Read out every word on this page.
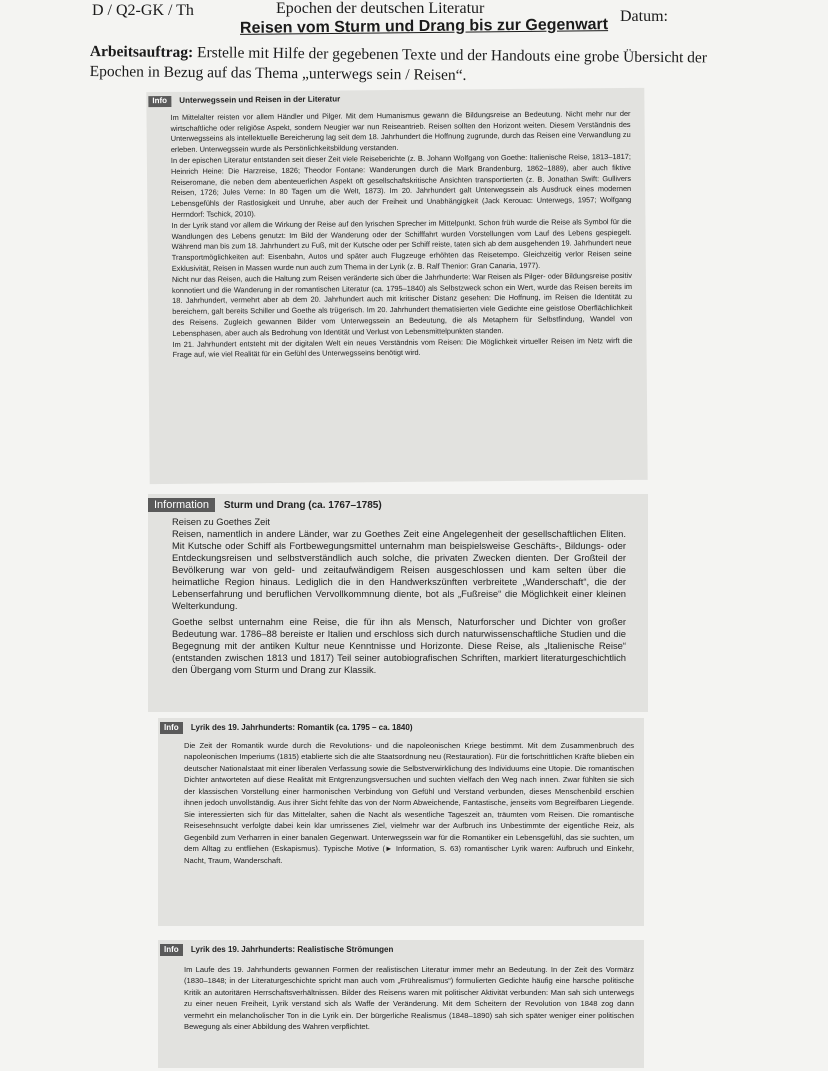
D / Q2-GK / Th	Epochen der deutschen Literatur	Datum:
Reisen vom Sturm und Drang bis zur Gegenwart
Arbeitsauftrag: Erstelle mit Hilfe der gegebenen Texte und der Handouts eine grobe Übersicht der Epochen in Bezug auf das Thema „unterwegs sein / Reisen“.
Info Unterwegssein und Reisen in der Literatur

Im Mittelalter reisten vor allem Händler und Pilger. Mit dem Humanismus gewann die Bildungsreise an Bedeutung. Nicht mehr nur der wirtschaftliche oder religiöse Aspekt, sondern Neugier war nun Reiseantrieb. Reisen sollten den Horizont weiten. Diesem Verständnis des Unterwegsseins als intellektuelle Bereicherung lag seit dem 18. Jahrhundert die Hoffnung zugrunde, durch das Reisen eine Verwandlung zu erleben. Unterwegssein wurde als Persönlichkeitsbildung verstanden.

In der epischen Literatur entstanden seit dieser Zeit viele Reiseberichte (z. B. Johann Wolfgang von Goethe: Italienische Reise, 1813–1817; Heinrich Heine: Die Harzreise, 1826; Theodor Fontane: Wanderungen durch die Mark Brandenburg, 1862–1889), aber auch fiktive Reiseromane, die neben dem abenteuerlichen Aspekt oft gesellschaftskritische Ansichten transportierten (z. B. Jonathan Swift: Gullivers Reisen, 1726; Jules Verne: In 80 Tagen um die Welt, 1873). Im 20. Jahrhundert galt Unterwegssein als Ausdruck eines modernen Lebensgefühls der Rastlosigkeit und Unruhe, aber auch der Freiheit und Unabhängigkeit (Jack Kerouac: Unterwegs, 1957; Wolfgang Herrndorf: Tschick, 2010).

In der Lyrik stand vor allem die Wirkung der Reise auf den lyrischen Sprecher im Mittelpunkt. Schon früh wurde die Reise als Symbol für die Wandlungen des Lebens genutzt: Im Bild der Wanderung oder der Schifffahrt wurden Vorstellungen vom Lauf des Lebens gespiegelt. Während man bis zum 18. Jahrhundert zu Fuß, mit der Kutsche oder per Schiff reiste, taten sich ab dem ausgehenden 19. Jahrhundert neue Transportmöglichkeiten auf: Eisenbahn, Autos und später auch Flugzeuge erhöhten das Reisetempo. Gleichzeitig verlor Reisen seine Exklusivität, Reisen in Massen wurde nun auch zum Thema in der Lyrik (z. B. Ralf Thenior: Gran Canaria, 1977).

Nicht nur das Reisen, auch die Haltung zum Reisen veränderte sich über die Jahrhunderte: War Reisen als Pilger- oder Bildungsreise positiv konnotiert und die Wanderung in der romantischen Literatur (ca. 1795–1840) als Selbstzweck schon ein Wert, wurde das Reisen bereits im 18. Jahrhundert, vermehrt aber ab dem 20. Jahrhundert auch mit kritischer Distanz gesehen: Die Hoffnung, im Reisen die Identität zu bereichern, galt bereits Schiller und Goethe als trügerisch. Im 20. Jahrhundert thematisierten viele Gedichte eine geistlose Oberflächlichkeit des Reisens. Zugleich gewannen Bilder vom Unterwegssein an Bedeutung, die als Metaphern für Selbstfindung, Wandel von Lebensphasen, aber auch als Bedrohung von Identität und Verlust von Lebensmittelpunkten standen.

Im 21. Jahrhundert entsteht mit der digitalen Welt ein neues Verständnis vom Reisen: Die Möglichkeit virtueller Reisen im Netz wirft die Frage auf, wie viel Realität für ein Gefühl des Unterwegsseins benötigt wird.

Information Sturm und Drang (ca. 1767–1785)
Reisen zu Goethes Zeit

Reisen, namentlich in andere Länder, war zu Goethes Zeit eine Angelegenheit der gesellschaftlichen Eliten. Mit Kutsche oder Schiff als Fortbewegungsmittel unternahm man beispielsweise Geschäfts-, Bildungs- oder Entdeckungsreisen und selbstverständlich auch solche, die privaten Zwecken dienten. Der Großteil der Bevölkerung war von geld- und zeitaufwändigem Reisen ausgeschlossen und kam selten über die heimatliche Region hinaus. Lediglich die in den Handwerkszünften verbreitete „Wanderschaft“, die der Lebenserfahrung und beruflichen Vervollkommnung diente, bot als „Fußreise“ die Möglichkeit einer kleinen Welterkundung.

Goethe selbst unternahm eine Reise, die für ihn als Mensch, Naturforscher und Dichter von großer Bedeutung war. 1786–88 bereiste er Italien und erschloss sich durch naturwissenschaftliche Studien und die Begegnung mit der antiken Kultur neue Kenntnisse und Horizonte. Diese Reise, als „Italienische Reise“ (entstanden zwischen 1813 und 1817) Teil seiner autobiografischen Schriften, markiert literaturgeschichtlich den Übergang vom Sturm und Drang zur Klassik.

Info Lyrik des 19. Jahrhunderts: Romantik (ca. 1795 – ca. 1840)

Die Zeit der Romantik wurde durch die Revolutions- und die napoleonischen Kriege bestimmt. Mit dem Zusammenbruch des napoleonischen Imperiums (1815) etablierte sich die alte Staatsordnung neu (Restauration). Für die fortschrittlichen Kräfte blieben ein deutscher Nationalstaat mit einer liberalen Verfassung sowie die Selbstverwirklichung des Individuums eine Utopie. Die romantischen Dichter antworteten auf diese Realität mit Entgrenzungsversuchen und suchten vielfach den Weg nach innen. Zwar fühlten sie sich der klassischen Vorstellung einer harmonischen Verbindung von Gefühl und Verstand verbunden, dieses Menschenbild erschien ihnen jedoch unvollständig. Aus ihrer Sicht fehlte das von der Norm Abweichende, Fantastische, jenseits vom Begreifbaren Liegende. Sie interessierten sich für das Mittelalter, sahen die Nacht als wesentliche Tageszeit an, träumten vom Reisen. Die romantische Reisesehnsucht verfolgte dabei kein klar umrissenes Ziel, vielmehr war der Aufbruch ins Unbestimmte der eigentliche Reiz, als Gegenbild zum Verharren in einer banalen Gegenwart. Unterwegssein war für die Romantiker ein Lebensgefühl, das sie suchten, um dem Alltag zu entfliehen (Eskapismus). Typische Motive (► Information, S. 63) romantischer Lyrik waren: Aufbruch und Einkehr, Nacht, Traum, Wanderschaft.

Info Lyrik des 19. Jahrhunderts: Realistische Strömungen

Im Laufe des 19. Jahrhunderts gewannen Formen der realistischen Literatur immer mehr an Bedeutung. In der Zeit des Vormärz (1830–1848; in der Literaturgeschichte spricht man auch vom „Frührealismus“) formulierten Gedichte häufig eine harsche politische Kritik an autoritären Herrschaftsverhältnissen. Bilder des Reisens waren mit politischer Aktivität verbunden: Man sah sich unterwegs zu einer neuen Freiheit, Lyrik verstand sich als Waffe der Veränderung. Mit dem Scheitern der Revolution von 1848 zog dann vermehrt ein melancholischer Ton in die Lyrik ein. Der bürgerliche Realismus (1848–1890) sah sich später weniger einer politischen Bewegung als einer Abbildung des Wahren verpflichtet.
